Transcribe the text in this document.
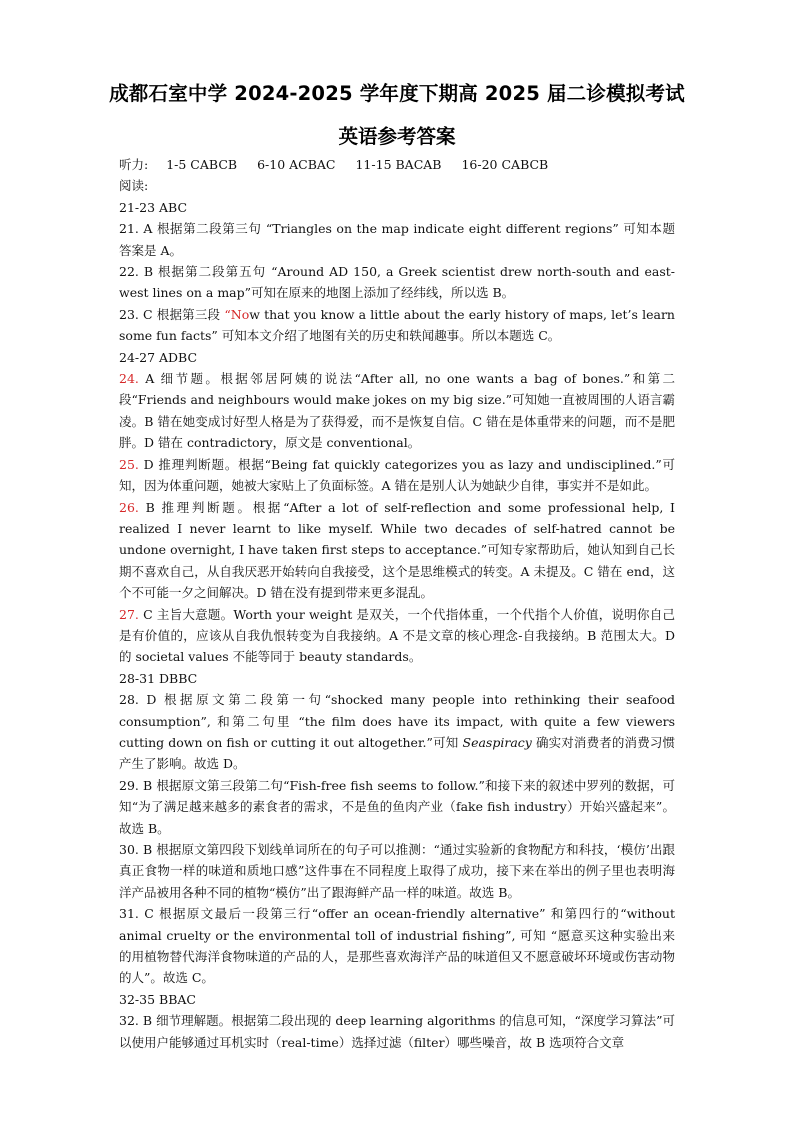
成都石室中学 2024-2025 学年度下期高 2025 届二诊模拟考试
英语参考答案

听力: 1-5 CABCB 6-10 ACBAC 11-15 BACAB 16-20 CABCB

阅读:

21-23 ABC

21. A 根据第二段第三句 “Triangles on the map indicate eight different regions” 可知本题答案是 A。

22. B 根据第二段第五句 “Around AD 150, a Greek scientist drew north-south and east-west lines on a map”可知在原来的地图上添加了经纬线，所以选 B。

23. C 根据第三段 “Now that you know a little about the early history of maps, let’s learn some fun facts” 可知本文介绍了地图有关的历史和轶闻趣事。所以本题选 C。

24-27 ADBC

24. A 细节题。根据邻居阿姨的说法“After all, no one wants a bag of bones.”和第二段“Friends and neighbours would make jokes on my big size.”可知她一直被周围的人语言霸凌。B 错在她变成讨好型人格是为了获得爱，而不是恢复自信。C 错在是体重带来的问题，而不是肥胖。D 错在 contradictory，原文是 conventional。

25. D 推理判断题。根据“Being fat quickly categorizes you as lazy and undisciplined.”可知，因为体重问题，她被大家贴上了负面标签。A 错在是别人认为她缺少自律，事实并不是如此。

26. B 推理判断题。根据“After a lot of self-reflection and some professional help, I realized I never learnt to like myself. While two decades of self-hatred cannot be undone overnight, I have taken first steps to acceptance.”可知专家帮助后，她认知到自己长期不喜欢自己，从自我厌恶开始转向自我接受，这个是思维模式的转变。A 未提及。C 错在 end，这个不可能一夕之间解决。D 错在没有提到带来更多混乱。

27. C 主旨大意题。Worth your weight 是双关，一个代指体重，一个代指个人价值，说明你自己是有价值的，应该从自我仇恨转变为自我接纳。A 不是文章的核心理念-自我接纳。B 范围太大。D 的 societal values 不能等同于 beauty standards。

28-31 DBBC

28. D 根据原文第二段第一句“shocked many people into rethinking their seafood consumption”, 和第二句里 “the film does have its impact, with quite a few viewers cutting down on fish or cutting it out altogether.”可知 Seaspiracy 确实对消费者的消费习惯产生了影响。故选 D。

29. B 根据原文第三段第二句“Fish-free fish seems to follow.”和接下来的叙述中罗列的数据，可知“为了满足越来越多的素食者的需求，不是鱼的鱼肉产业（fake fish industry）开始兴盛起来”。故选 B。

30. B 根据原文第四段下划线单词所在的句子可以推测：“通过实验新的食物配方和科技，‘模仿’出跟真正食物一样的味道和质地口感”这件事在不同程度上取得了成功，接下来在举出的例子里也表明海洋产品被用各种不同的植物“模仿”出了跟海鲜产品一样的味道。故选 B。

31. C 根据原文最后一段第三行“offer an ocean-friendly alternative” 和第四行的“without animal cruelty or the environmental toll of industrial fishing”, 可知 “愿意买这种实验出来的用植物替代海洋食物味道的产品的人，是那些喜欢海洋产品的味道但又不愿意破坏环境或伤害动物的人”。故选 C。

32-35 BBAC

32. B 细节理解题。根据第二段出现的 deep learning algorithms 的信息可知，“深度学习算法”可以使用户能够通过耳机实时（real-time）选择过滤（filter）哪些噪音，故 B 选项符合文章
